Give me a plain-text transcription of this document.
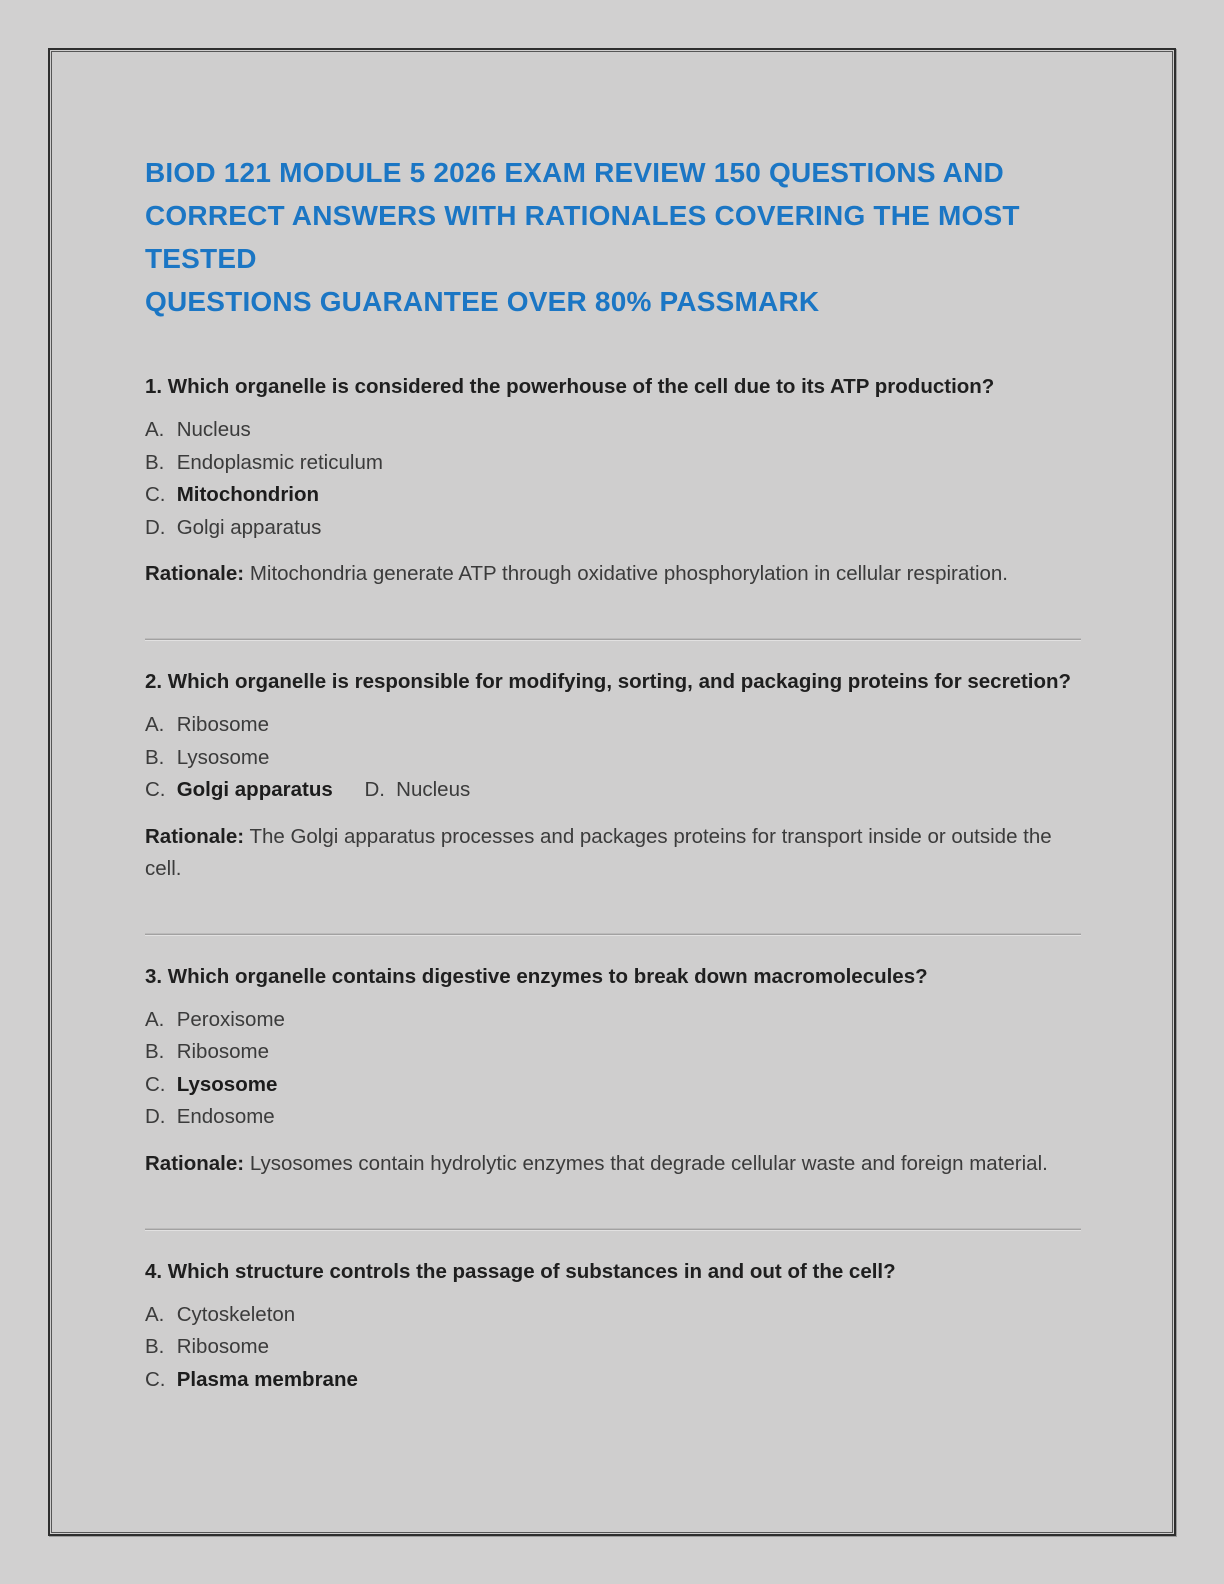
BIOD 121 MODULE 5 2026 EXAM REVIEW 150 QUESTIONS AND
CORRECT ANSWERS WITH RATIONALES COVERING THE MOST TESTED
QUESTIONS GUARANTEE OVER 80% PASSMARK
1. Which organelle is considered the powerhouse of the cell due to its ATP production?
A. Nucleus
B. Endoplasmic reticulum
C. Mitochondrion
D. Golgi apparatus
Rationale: Mitochondria generate ATP through oxidative phosphorylation in cellular respiration.
2. Which organelle is responsible for modifying, sorting, and packaging proteins for secretion?
A. Ribosome
B. Lysosome
C. Golgi apparatus D. Nucleus
Rationale: The Golgi apparatus processes and packages proteins for transport inside or outside the cell.
3. Which organelle contains digestive enzymes to break down macromolecules?
A. Peroxisome
B. Ribosome
C. Lysosome
D. Endosome
Rationale: Lysosomes contain hydrolytic enzymes that degrade cellular waste and foreign material.
4. Which structure controls the passage of substances in and out of the cell?
A. Cytoskeleton
B. Ribosome
C. Plasma membrane
